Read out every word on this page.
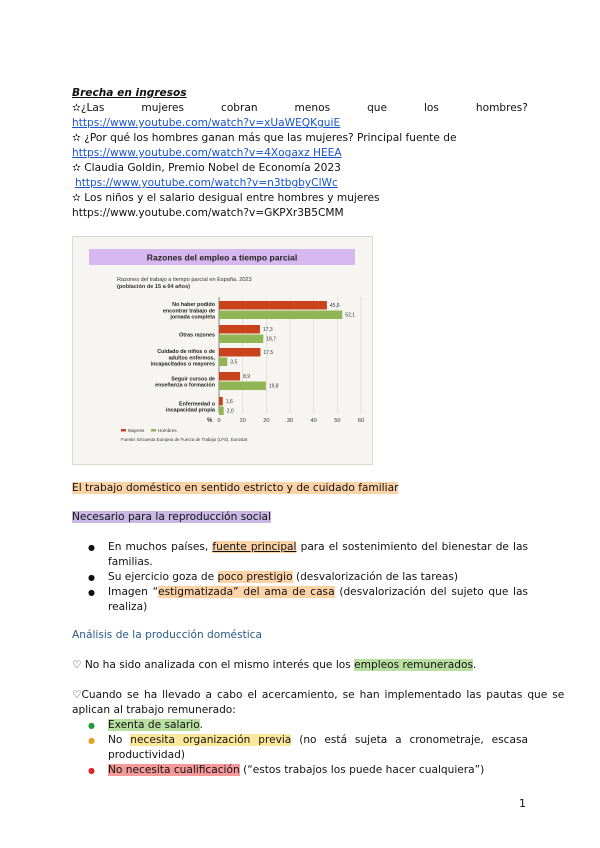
Brecha en ingresos
✫¿Las	mujeres	cobran	menos	que	los	hombres?
https://www.youtube.com/watch?v=xUaWEQKguiE
✫ ¿Por qué los hombres ganan más que las mujeres? Principal fuente de
https://www.youtube.com/watch?v=4Xogaxz HEEA
✫ Claudia Goldin, Premio Nobel de Economía 2023
https://www.youtube.com/watch?v=n3tbgbyClWc
✫ Los niños y el salario desigual entre hombres y mujeres
https://www.youtube.com/watch?v=GKPXr3B5CMM
Razones del empleo a tiempo parcial
Razones del trabajo a tiempo parcial en España. 2023
(población de 15 a 64 años)
45,6
52,1
17,3
18,7
17,5
3,5
8,9
19,8
1,6
2,0
No haber podido
encontrar trabajo de
jornada completa
Otras razones
Cuidado de niños o de
adultos enfermos,
incapacitados o mayores
Seguir cursos de
enseñanza o formación
Enfermedad o
incapacidad propia
0	10	20	30	40	50	60
%
Mujeres	Hombres
Fuente: Encuesta Europea de Fuerza de Trabajo (LFS). Eurostat
El trabajo doméstico en sentido estricto y de cuidado familiar
Necesario para la reproducción social
● En muchos países, fuente principal para el sostenimiento del bienestar de las familias.
● Su ejercicio goza de poco prestigio (desvalorización de las tareas)
● Imagen “estigmatizada” del ama de casa (desvalorización del sujeto que las realiza)
Análisis de la producción doméstica
♡ No ha sido analizada con el mismo interés que los empleos remunerados.
♡Cuando se ha llevado a cabo el acercamiento, se han implementado las pautas que se
aplican al trabajo remunerado:
● Exenta de salario.
● No necesita organización previa (no está sujeta a cronometraje, escasa productividad)
● No necesita cualificación (“estos trabajos los puede hacer cualquiera”)
1
